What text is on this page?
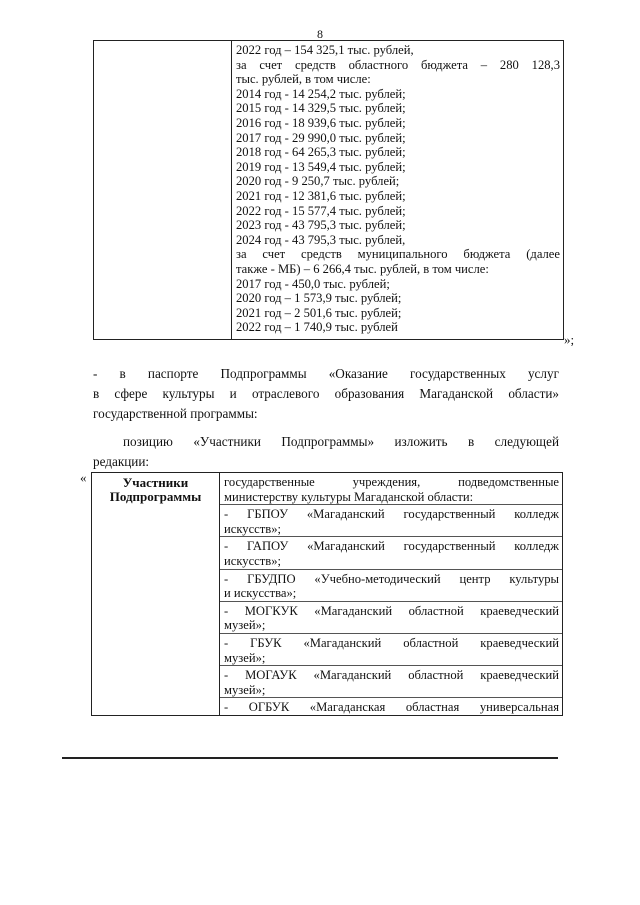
8

2022 год – 154 325,1 тыс. рублей,
за счет средств областного бюджета – 280 128,3
тыс. рублей, в том числе:
2014 год - 14 254,2 тыс. рублей;
2015 год - 14 329,5 тыс. рублей;
2016 год - 18 939,6 тыс. рублей;
2017 год - 29 990,0 тыс. рублей;
2018 год - 64 265,3 тыс. рублей;
2019 год - 13 549,4 тыс. рублей;
2020 год - 9 250,7 тыс. рублей;
2021 год - 12 381,6 тыс. рублей;
2022 год - 15 577,4 тыс. рублей;
2023 год - 43 795,3 тыс. рублей;
2024 год - 43 795,3 тыс. рублей,
за счет средств муниципального бюджета (далее
также - МБ) – 6 266,4 тыс. рублей, в том числе:
2017 год - 450,0 тыс. рублей;
2020 год – 1 573,9 тыс. рублей;
2021 год – 2 501,6 тыс. рублей;
2022 год – 1 740,9 тыс. рублей
»;
- в паспорте Подпрограммы «Оказание государственных услуг
в сфере культуры и отраслевого образования Магаданской области»
государственной программы:
позицию «Участники Подпрограммы» изложить в следующей
редакции:
«	Участники
Подпрограммы

государственные учреждения, подведомственные
министерству культуры Магаданской области:
- ГБПОУ «Магаданский государственный колледж
искусств»;
- ГАПОУ «Магаданский государственный колледж
искусств»;
- ГБУДПО «Учебно-методический центр культуры
и искусства»;
- МОГКУК «Магаданский областной краеведческий
музей»;
- ГБУК «Магаданский областной краеведческий
музей»;
- МОГАУК «Магаданский областной краеведческий
музей»;
- ОГБУК «Магаданская областная универсальная
